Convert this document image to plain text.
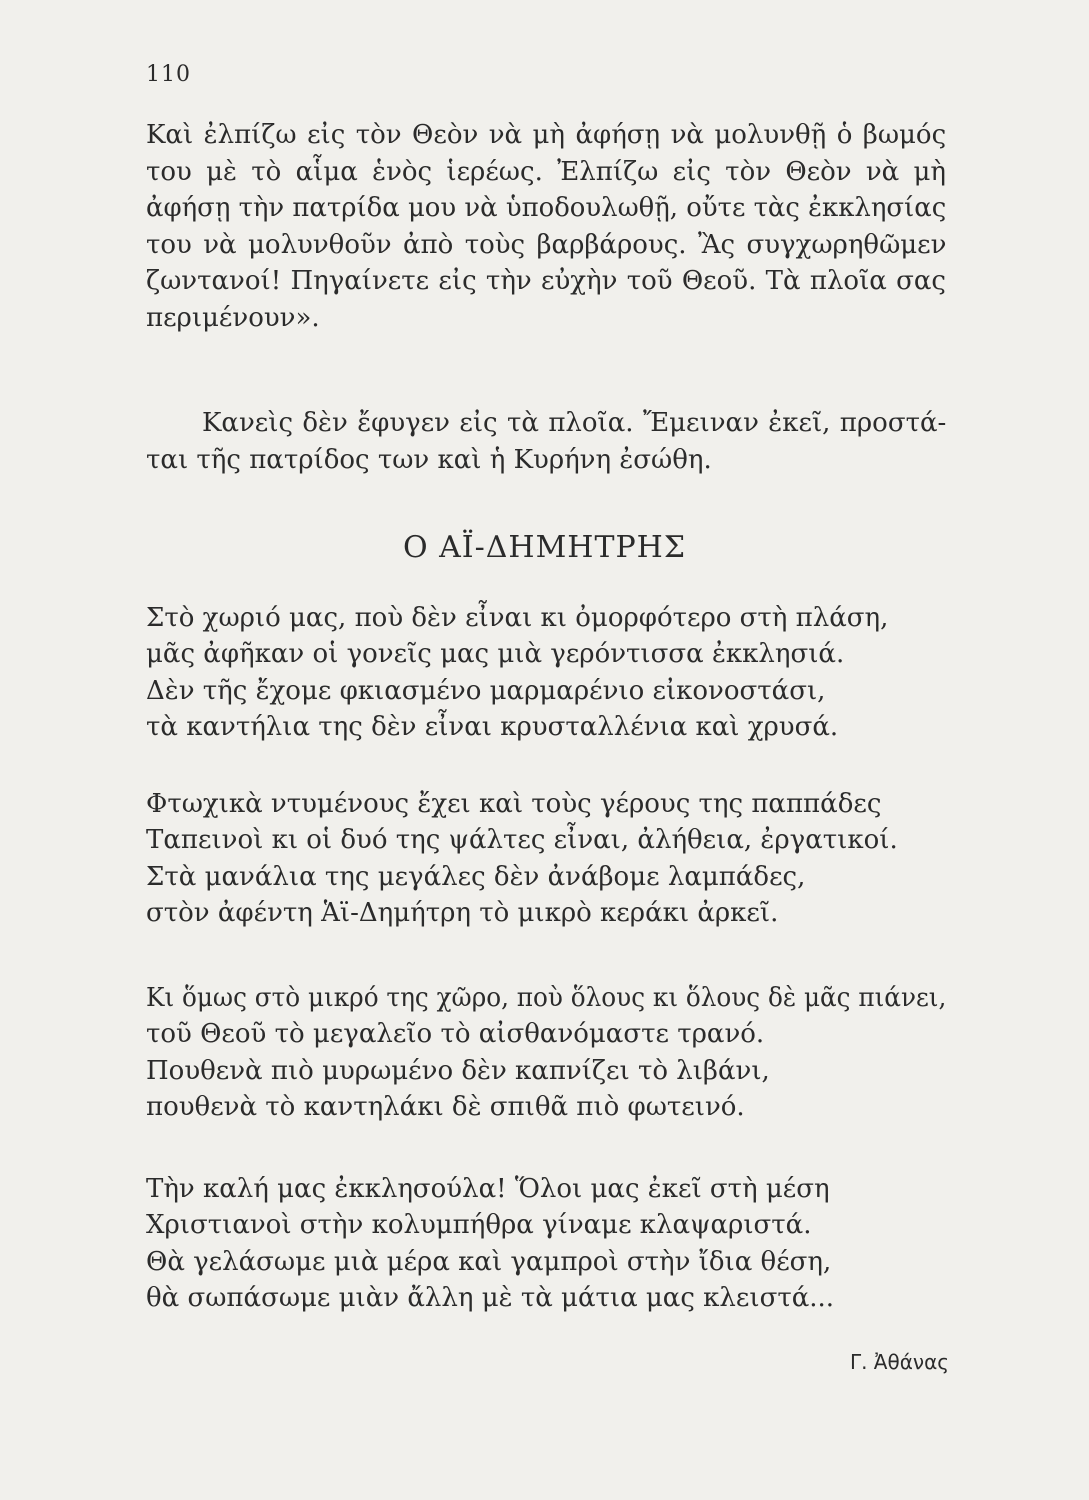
110
Καὶ ἐλπίζω εἰς τὸν Θεὸν νὰ μὴ ἀφήσῃ νὰ μολυνθῇ ὁ βωμός
του μὲ τὸ αἷμα ἑνὸς ἱερέως. Ἐλπίζω εἰς τὸν Θεὸν νὰ μὴ
ἀφήσῃ τὴν πατρίδα μου νὰ ὑποδουλωθῇ, οὔτε τὰς ἐκκλησίας
του νὰ μολυνθοῦν ἀπὸ τοὺς βαρβάρους. Ἂς συγχωρηθῶμεν
ζωντανοί! Πηγαίνετε εἰς τὴν εὐχὴν τοῦ Θεοῦ. Τὰ πλοῖα σας
περιμένουν».
Κανεὶς δὲν ἔφυγεν εἰς τὰ πλοῖα. Ἔμειναν ἐκεῖ, προστά-
ται τῆς πατρίδος των καὶ ἡ Κυρήνη ἐσώθη.
Ο ΑΪ-ΔΗΜΗΤΡΗΣ
Στὸ χωριό μας, ποὺ δὲν εἶναι κι ὀμορφότερο στὴ πλάση,
μᾶς ἀφῆκαν οἱ γονεῖς μας μιὰ γερόντισσα ἐκκλησιά.
Δὲν τῆς ἔχομε φκιασμένο μαρμαρένιο εἰκονοστάσι,
τὰ καντήλια της δὲν εἶναι κρυσταλλένια καὶ χρυσά.
Φτωχικὰ ντυμένους ἔχει καὶ τοὺς γέρους της παππάδες
Ταπεινοὶ κι οἱ δυό της ψάλτες εἶναι, ἀλήθεια, ἐργατικοί.
Στὰ μανάλια της μεγάλες δὲν ἀνάβομε λαμπάδες,
στὸν ἀφέντη Ἁϊ-Δημήτρη τὸ μικρὸ κεράκι ἀρκεῖ.
Κι ὅμως στὸ μικρό της χῶρο, ποὺ ὅλους κι ὅλους δὲ μᾶς πιάνει,
τοῦ Θεοῦ τὸ μεγαλεῖο τὸ αἰσθανόμαστε τρανό.
Πουθενὰ πιὸ μυρωμένο δὲν καπνίζει τὸ λιβάνι,
πουθενὰ τὸ καντηλάκι δὲ σπιθᾶ πιὸ φωτεινό.
Τὴν καλή μας ἐκκλησούλα! Ὅλοι μας ἐκεῖ στὴ μέση
Χριστιανοὶ στὴν κολυμπήθρα γίναμε κλαψαριστά.
Θὰ γελάσωμε μιὰ μέρα καὶ γαμπροὶ στὴν ἴδια θέση,
θὰ σωπάσωμε μιὰν ἄλλη μὲ τὰ μάτια μας κλειστά...
Γ. Ἀθάνας
